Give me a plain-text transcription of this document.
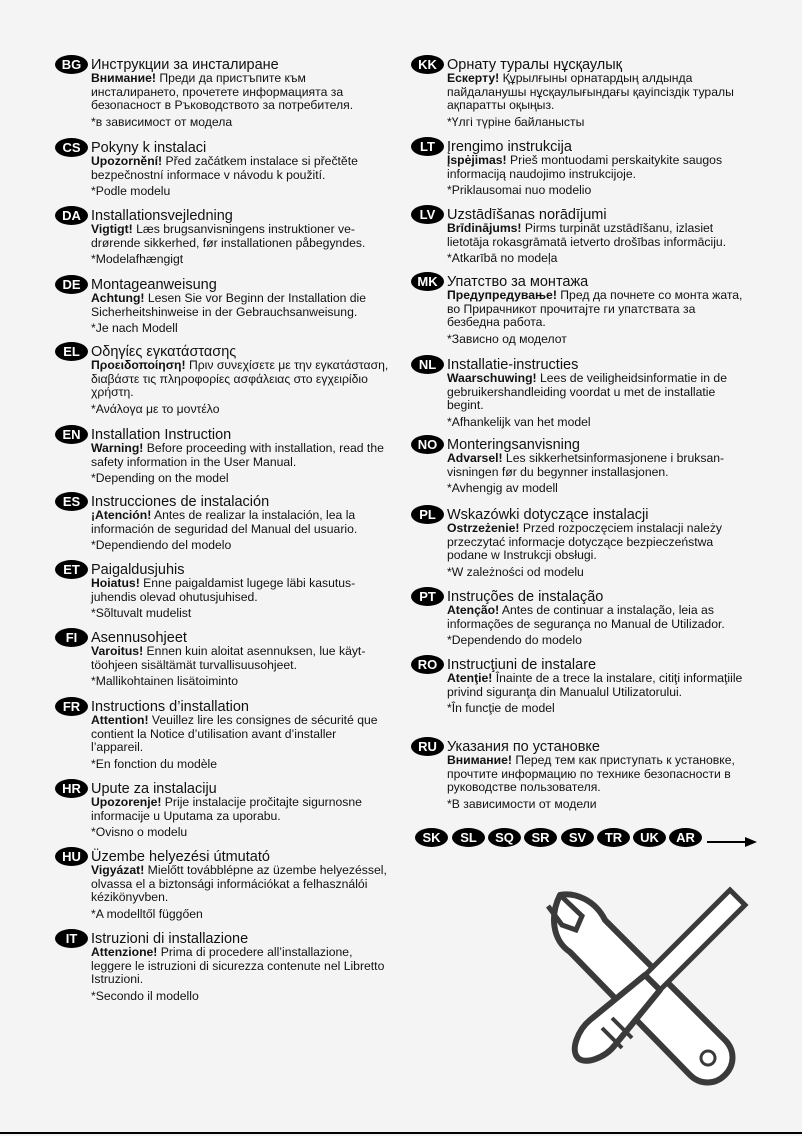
BG Инструкции за инсталиране
Внимание! Преди да пристъпите към инсталирането, прочетете информацията за безопасност в Ръководството за потребителя.
*в зависимост от модела
CS Pokyny k instalaci
Upozornění! Před začátkem instalace si přečtěte bezpečnostní informace v návodu k použití.
*Podle modelu
DA Installationsvejledning
Vigtigt! Læs brugsanvisningens instruktioner vedrørende sikkerhed, før installationen påbegyndes.
*Modelafhængigt
DE Montageanweisung
Achtung! Lesen Sie vor Beginn der Installation die Sicherheitshinweise in der Gebrauchsanweisung.
*Je nach Modell
EL Οδηγίες εγκατάστασης
Προειδοποίηση! Πριν συνεχίσετε με την εγκατάσταση, διαβάστε τις πληροφορίες ασφάλειας στο εγχειρίδιο χρήστη.
*Ανάλογα με το μοντέλο
EN Installation Instruction
Warning! Before proceeding with installation, read the safety information in the User Manual.
*Depending on the model
ES Instrucciones de instalación
¡Atención! Antes de realizar la instalación, lea la información de seguridad del Manual del usuario.
*Dependiendo del modelo
ET Paigaldusjuhis
Hoiatus! Enne paigaldamist lugege läbi kasutusjuhendis olevad ohutusjuhised.
*Sõltuvalt mudelist
FI Asennusohjeet
Varoitus! Ennen kuin aloitat asennuksen, lue käyttöohjeen sisältämät turvallisuusohjeet.
*Mallikohtainen lisätoiminto
FR Instructions d’installation
Attention! Veuillez lire les consignes de sécurité que contient la Notice d’utilisation avant d’installer l’appareil.
*En fonction du modèle
HR Upute za instalaciju
Upozorenje! Prije instalacije pročitajte sigurnosne informacije u Uputama za uporabu.
*Ovisno o modelu
HU Üzembe helyezési útmutató
Vigyázat! Mielőtt továbblépne az üzembe helyezéssel, olvassa el a biztonsági információkat a felhasználói kézikönyvben.
*A modelltől függően
IT Istruzioni di installazione
Attenzione! Prima di procedere all’installazione, leggere le istruzioni di sicurezza contenute nel Libretto Istruzioni.
*Secondo il modello
KK Орнату туралы нұсқаулық
Ескерту! Құрылғыны орнатардың алдында пайдаланушы нұсқаулығындағы қауіпсіздік туралы ақпаратты оқыңыз.
*Үлгі түріне байланысты
LT Įrengimo instrukcija
Įspėjimas! Prieš montuodami perskaitykite saugos informaciją naudojimo instrukcijoje.
*Priklausomai nuo modelio
LV Uzstādīšanas norādījumi
Brīdinājums! Pirms turpināt uzstādīšanu, izlasiet lietotāja rokasgrāmatā ietverto drošības informāciju.
*Atkarībā no modeļa
MK Упатство за монтажа
Предупредување! Пред да почнете со монта жата, во Прирачникот прочитајте ги упатствата за безбедна работа.
*Зависно од моделот
NL Installatie-instructies
Waarschuwing! Lees de veiligheidsinformatie in de gebruikershandleiding voordat u met de installatie begint.
*Afhankelijk van het model
NO Monteringsanvisning
Advarsel! Les sikkerhetsinformasjonene i bruksanvisningen før du begynner installasjonen.
*Avhengig av modell
PL Wskazówki dotyczące instalacji
Ostrzeżenie! Przed rozpoczęciem instalacji należy przeczytać informacje dotyczące bezpieczeństwa podane w Instrukcji obsługi.
*W zależności od modelu
PT Instruções de instalação
Atenção! Antes de continuar a instalação, leia as informações de segurança no Manual de Utilizador.
*Dependendo do modelo
RO Instrucţiuni de instalare
Atenţie! Înainte de a trece la instalare, citiţi informaţiile privind siguranţa din Manualul Utilizatorului.
*În funcţie de model
RU Указания по установке
Внимание! Перед тем как приступать к установке, прочтите информацию по технике безопасности в руководстве пользователя.
*В зависимости от модели
SK	SL	SQ	SR	SV	TR	UK	AR
